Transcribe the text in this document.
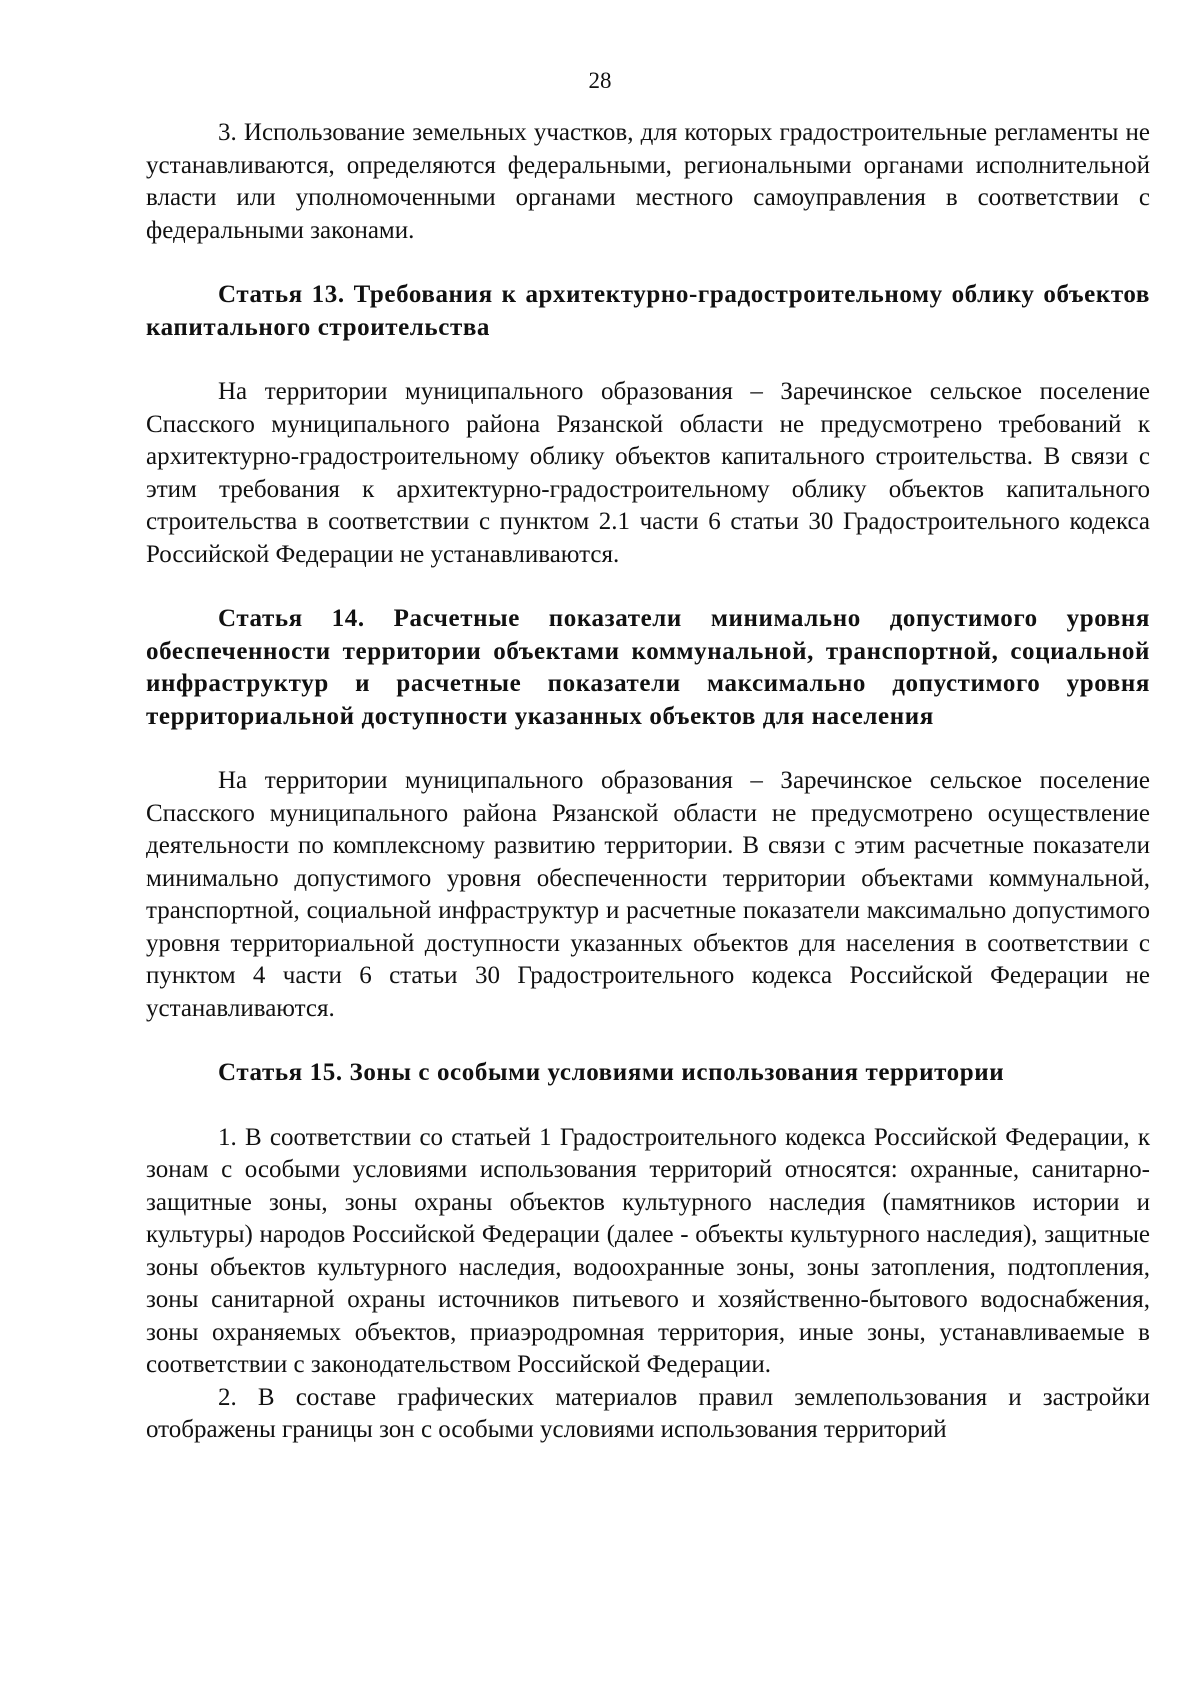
28

3. Использование земельных участков, для которых градостроительные регламенты не устанавливаются, определяются федеральными, региональными органами исполнительной власти или уполномоченными органами местного самоуправления в соответствии с федеральными законами.

Статья 13. Требования к архитектурно-градостроительному облику объектов капитального строительства

На территории муниципального образования – Заречинское сельское поселение Спасского муниципального района Рязанской области не предусмотрено требований к архитектурно-градостроительному облику объектов капитального строительства. В связи с этим требования к архитектурно-градостроительному облику объектов капитального строительства в соответствии с пунктом 2.1 части 6 статьи 30 Градостроительного кодекса Российской Федерации не устанавливаются.

Статья 14. Расчетные показатели минимально допустимого уровня обеспеченности территории объектами коммунальной, транспортной, социальной инфраструктур и расчетные показатели максимально допустимого уровня территориальной доступности указанных объектов для населения

На территории муниципального образования – Заречинское сельское поселение Спасского муниципального района Рязанской области не предусмотрено осуществление деятельности по комплексному развитию территории. В связи с этим расчетные показатели минимально допустимого уровня обеспеченности территории объектами коммунальной, транспортной, социальной инфраструктур и расчетные показатели максимально допустимого уровня территориальной доступности указанных объектов для населения в соответствии с пунктом 4 части 6 статьи 30 Градостроительного кодекса Российской Федерации не устанавливаются.

Статья 15. Зоны с особыми условиями использования территории

1. В соответствии со статьей 1 Градостроительного кодекса Российской Федерации, к зонам с особыми условиями использования территорий относятся: охранные, санитарно-защитные зоны, зоны охраны объектов культурного наследия (памятников истории и культуры) народов Российской Федерации (далее - объекты культурного наследия), защитные зоны объектов культурного наследия, водоохранные зоны, зоны затопления, подтопления, зоны санитарной охраны источников питьевого и хозяйственно-бытового водоснабжения, зоны охраняемых объектов, приаэродромная территория, иные зоны, устанавливаемые в соответствии с законодательством Российской Федерации.

2. В составе графических материалов правил землепользования и застройки отображены границы зон с особыми условиями использования территорий
